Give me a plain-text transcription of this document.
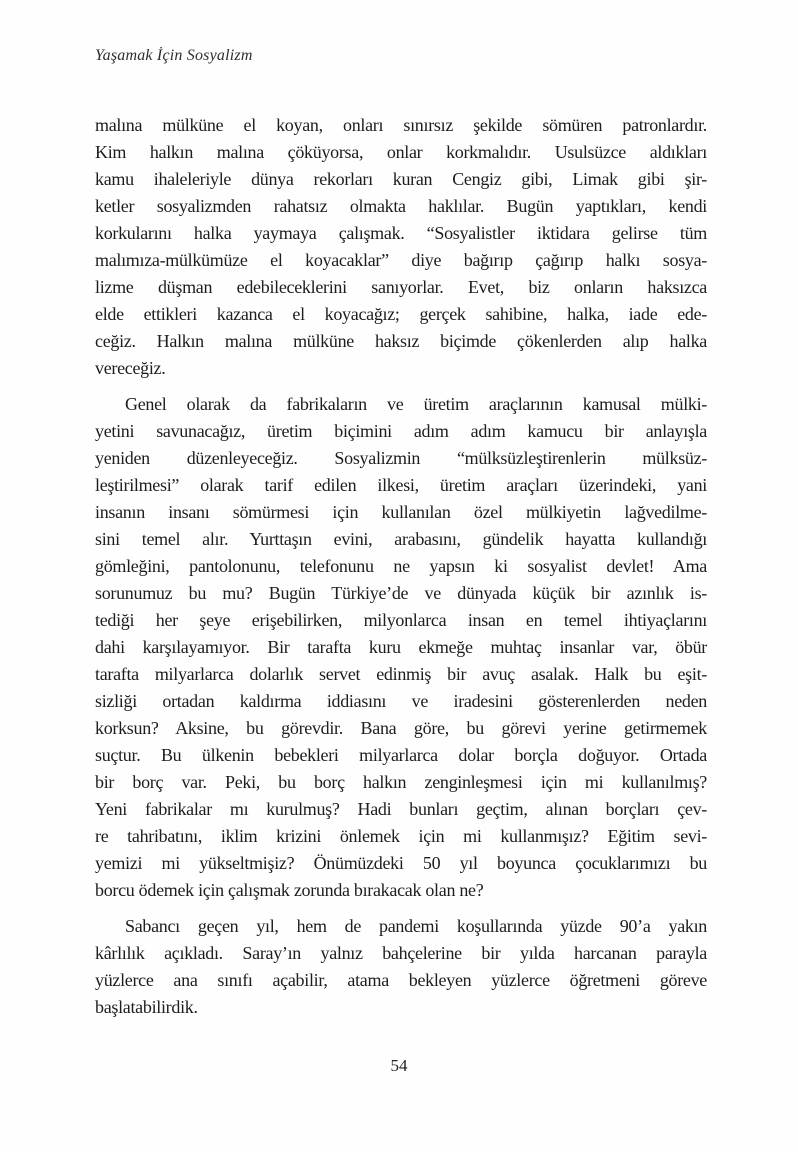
Yaşamak İçin Sosyalizm
malına mülküne el koyan, onları sınırsız şekilde sömüren patronlardır.
Kim halkın malına çöküyorsa, onlar korkmalıdır. Usulsüzce aldıkları
kamu ihaleleriyle dünya rekorları kuran Cengiz gibi, Limak gibi şir-
ketler sosyalizmden rahatsız olmakta haklılar. Bugün yaptıkları, kendi
korkularını halka yaymaya çalışmak. “Sosyalistler iktidara gelirse tüm
malımıza-mülkümüze el koyacaklar” diye bağırıp çağırıp halkı sosya-
lizme düşman edebileceklerini sanıyorlar. Evet, biz onların haksızca
elde ettikleri kazanca el koyacağız; gerçek sahibine, halka, iade ede-
ceğiz. Halkın malına mülküne haksız biçimde çökenlerden alıp halka
vereceğiz.
Genel olarak da fabrikaların ve üretim araçlarının kamusal mülki-
yetini savunacağız, üretim biçimini adım adım kamucu bir anlayışla
yeniden düzenleyeceğiz. Sosyalizmin “mülksüzleştirenlerin mülksüz-
leştirilmesi” olarak tarif edilen ilkesi, üretim araçları üzerindeki, yani
insanın insanı sömürmesi için kullanılan özel mülkiyetin lağvedilme-
sini temel alır. Yurttaşın evini, arabasını, gündelik hayatta kullandığı
gömleğini, pantolonunu, telefonunu ne yapsın ki sosyalist devlet! Ama
sorunumuz bu mu? Bugün Türkiye’de ve dünyada küçük bir azınlık is-
tediği her şeye erişebilirken, milyonlarca insan en temel ihtiyaçlarını
dahi karşılayamıyor. Bir tarafta kuru ekmeğe muhtaç insanlar var, öbür
tarafta milyarlarca dolarlık servet edinmiş bir avuç asalak. Halk bu eşit-
sizliği ortadan kaldırma iddiasını ve iradesini gösterenlerden neden
korksun? Aksine, bu görevdir. Bana göre, bu görevi yerine getirmemek
suçtur. Bu ülkenin bebekleri milyarlarca dolar borçla doğuyor. Ortada
bir borç var. Peki, bu borç halkın zenginleşmesi için mi kullanılmış?
Yeni fabrikalar mı kurulmuş? Hadi bunları geçtim, alınan borçları çev-
re tahribatını, iklim krizini önlemek için mi kullanmışız? Eğitim sevi-
yemizi mi yükseltmişiz? Önümüzdeki 50 yıl boyunca çocuklarımızı bu
borcu ödemek için çalışmak zorunda bırakacak olan ne?
Sabancı geçen yıl, hem de pandemi koşullarında yüzde 90’a yakın
kârlılık açıkladı. Saray’ın yalnız bahçelerine bir yılda harcanan parayla
yüzlerce ana sınıfı açabilir, atama bekleyen yüzlerce öğretmeni göreve
başlatabilirdik.
54
